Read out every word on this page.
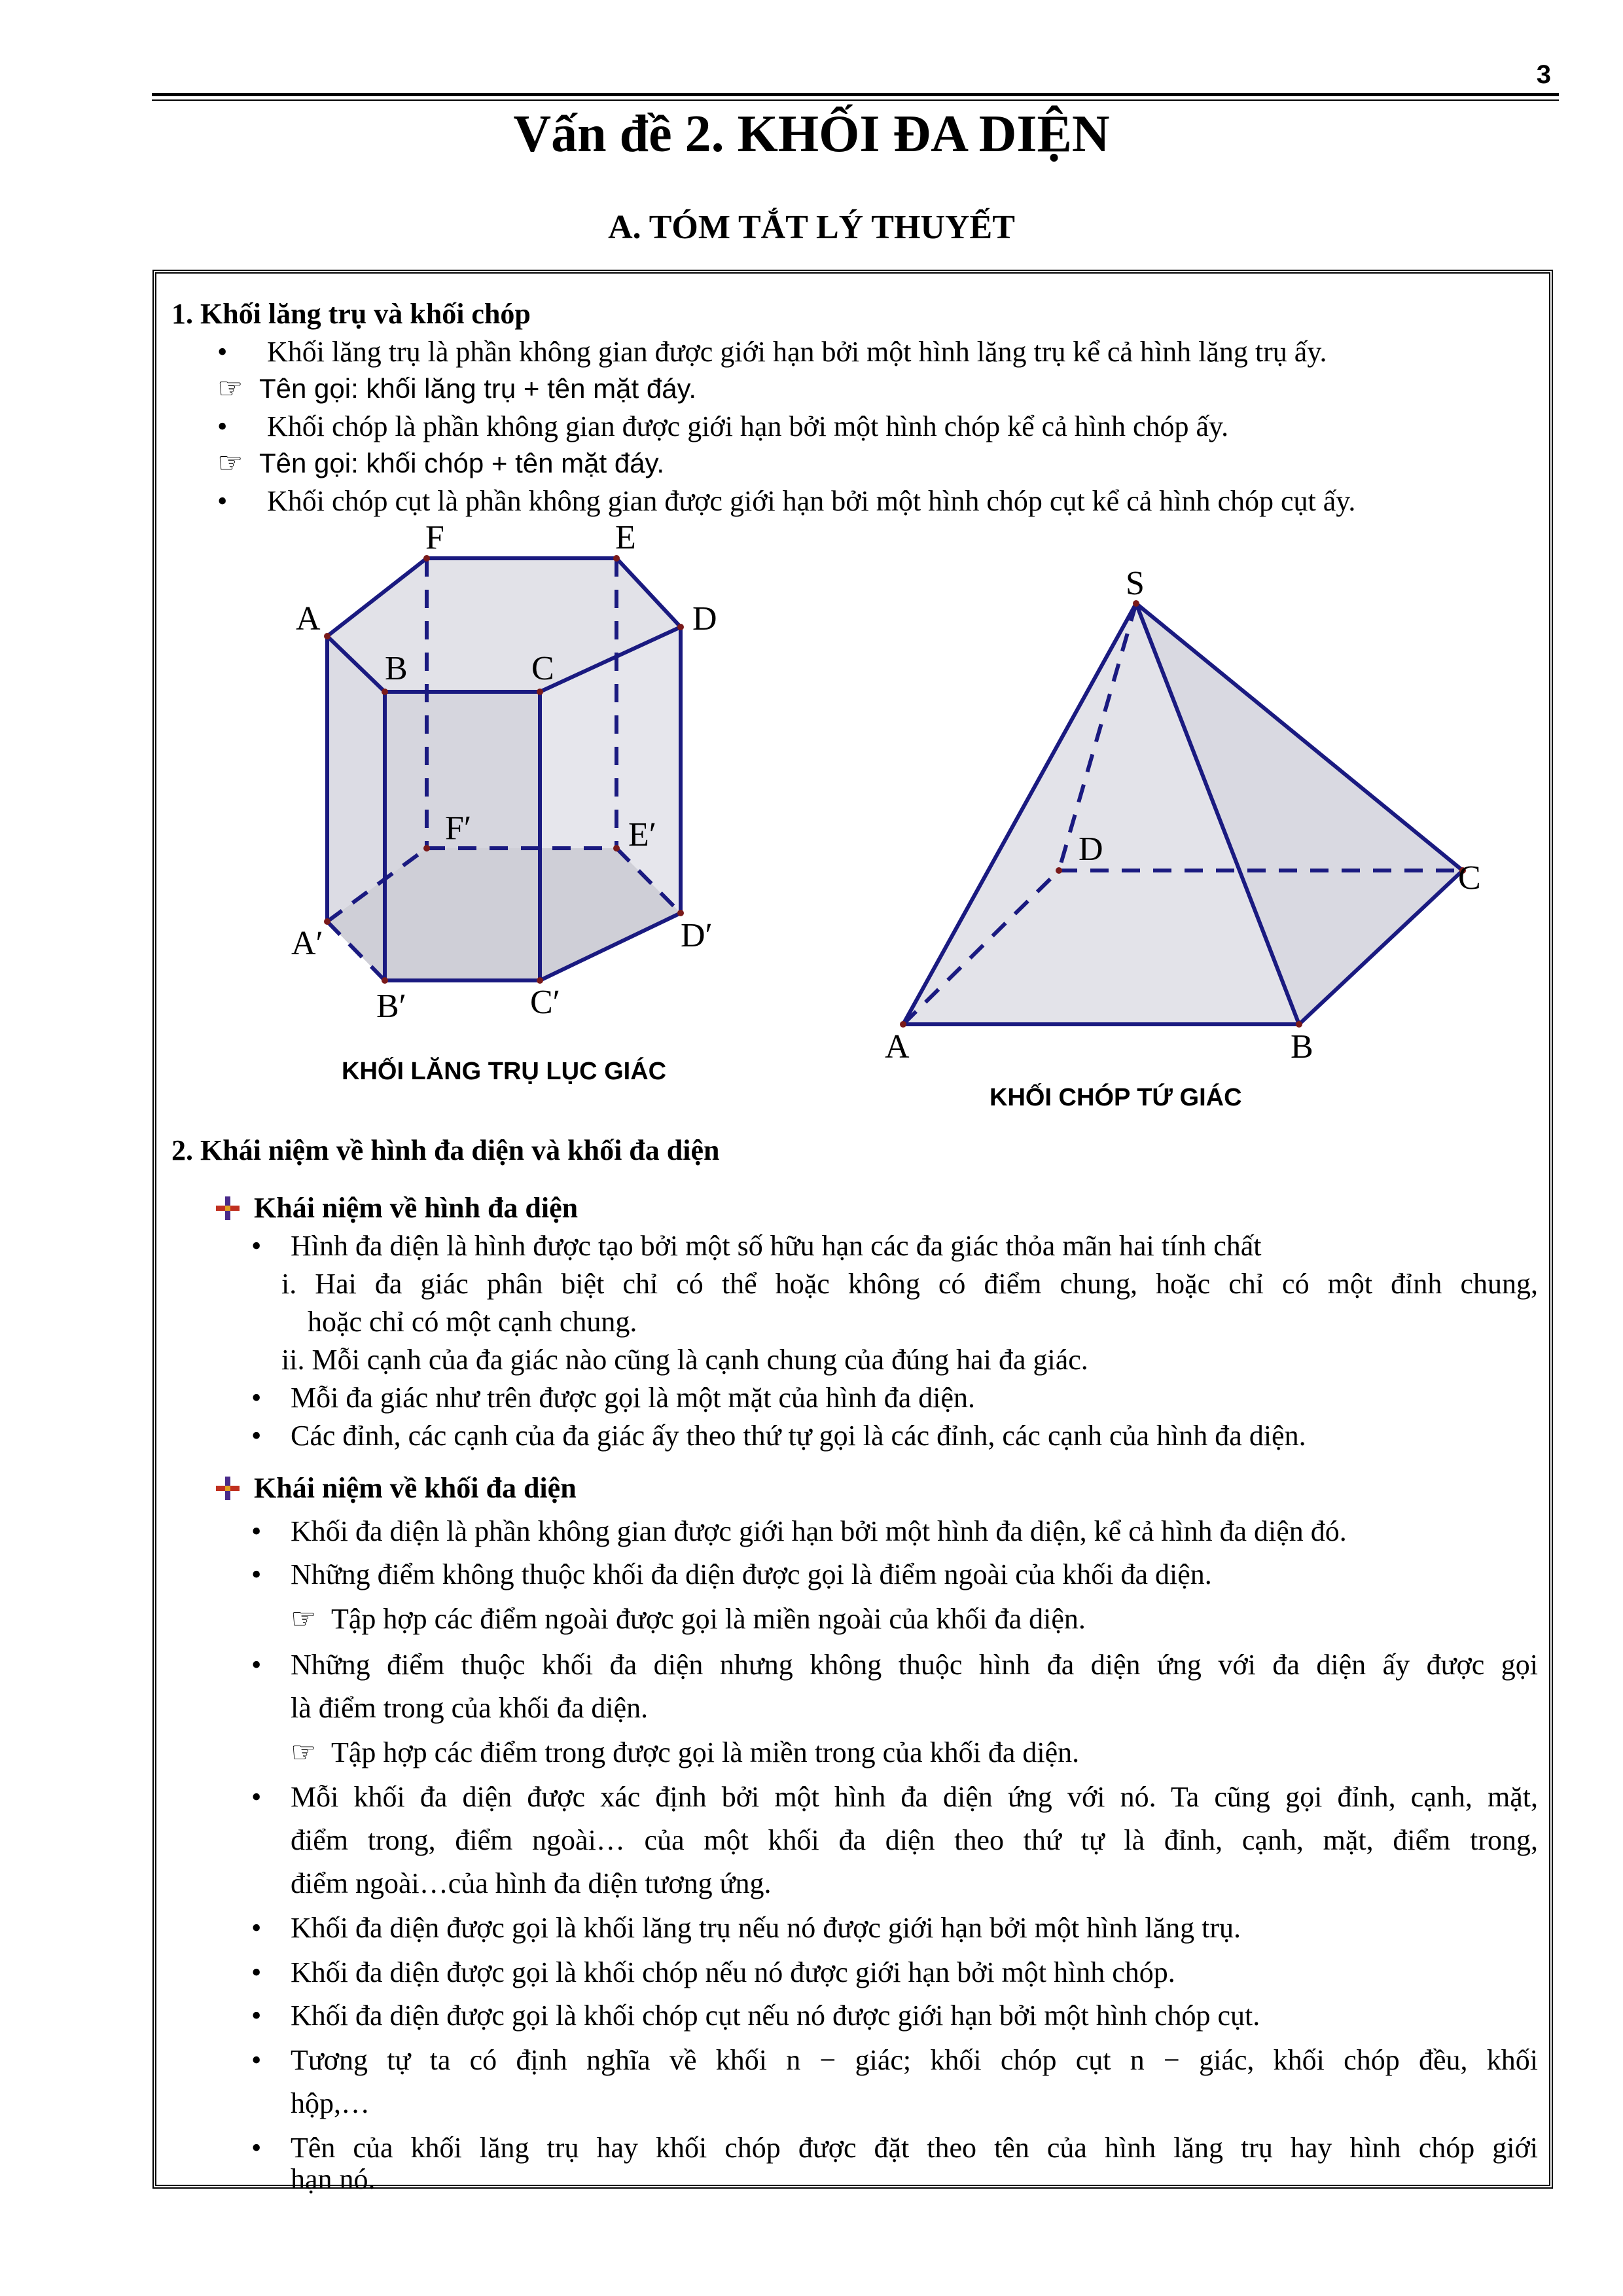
3
Vấn đề 2. KHỐI ĐA DIỆN
A. TÓM TẮT LÝ THUYẾT
1. Khối lăng trụ và khối chóp
• Khối lăng trụ là phần không gian được giới hạn bởi một hình lăng trụ kể cả hình lăng trụ ấy.
☞ Tên gọi: khối lăng trụ + tên mặt đáy.
• Khối chóp là phần không gian được giới hạn bởi một hình chóp kể cả hình chóp ấy.
☞ Tên gọi: khối chóp + tên mặt đáy.
• Khối chóp cụt là phần không gian được giới hạn bởi một hình chóp cụt kể cả hình chóp cụt ấy.
F	E
A	D
B	C
F′	E′
A′	D′
B′	C′
KHỐI LĂNG TRỤ LỤC GIÁC
S
D
C
A	B
KHỐI CHÓP TỨ GIÁC
2. Khái niệm về hình đa diện và khối đa diện
Khái niệm về hình đa diện
• Hình đa diện là hình được tạo bởi một số hữu hạn các đa giác thỏa mãn hai tính chất
i. Hai đa giác phân biệt chỉ có thể hoặc không có điểm chung, hoặc chỉ có một đỉnh chung,
hoặc chỉ có một cạnh chung.
ii. Mỗi cạnh của đa giác nào cũng là cạnh chung của đúng hai đa giác.
• Mỗi đa giác như trên được gọi là một mặt của hình đa diện.
• Các đỉnh, các cạnh của đa giác ấy theo thứ tự gọi là các đỉnh, các cạnh của hình đa diện.
Khái niệm về khối đa diện
• Khối đa diện là phần không gian được giới hạn bởi một hình đa diện, kể cả hình đa diện đó.
• Những điểm không thuộc khối đa diện được gọi là điểm ngoài của khối đa diện.
☞ Tập hợp các điểm ngoài được gọi là miền ngoài của khối đa diện.
• Những điểm thuộc khối đa diện nhưng không thuộc hình đa diện ứng với đa diện ấy được gọi
là điểm trong của khối đa diện.
☞ Tập hợp các điểm trong được gọi là miền trong của khối đa diện.
• Mỗi khối đa diện được xác định bởi một hình đa diện ứng với nó. Ta cũng gọi đỉnh, cạnh, mặt,
điểm trong, điểm ngoài… của một khối đa diện theo thứ tự là đỉnh, cạnh, mặt, điểm trong,
điểm ngoài…của hình đa diện tương ứng.
• Khối đa diện được gọi là khối lăng trụ nếu nó được giới hạn bởi một hình lăng trụ.
• Khối đa diện được gọi là khối chóp nếu nó được giới hạn bởi một hình chóp.
• Khối đa diện được gọi là khối chóp cụt nếu nó được giới hạn bởi một hình chóp cụt.
• Tương tự ta có định nghĩa về khối n − giác; khối chóp cụt n − giác, khối chóp đều, khối
hộp,…
• Tên của khối lăng trụ hay khối chóp được đặt theo tên của hình lăng trụ hay hình chóp giới
hạn nó.
